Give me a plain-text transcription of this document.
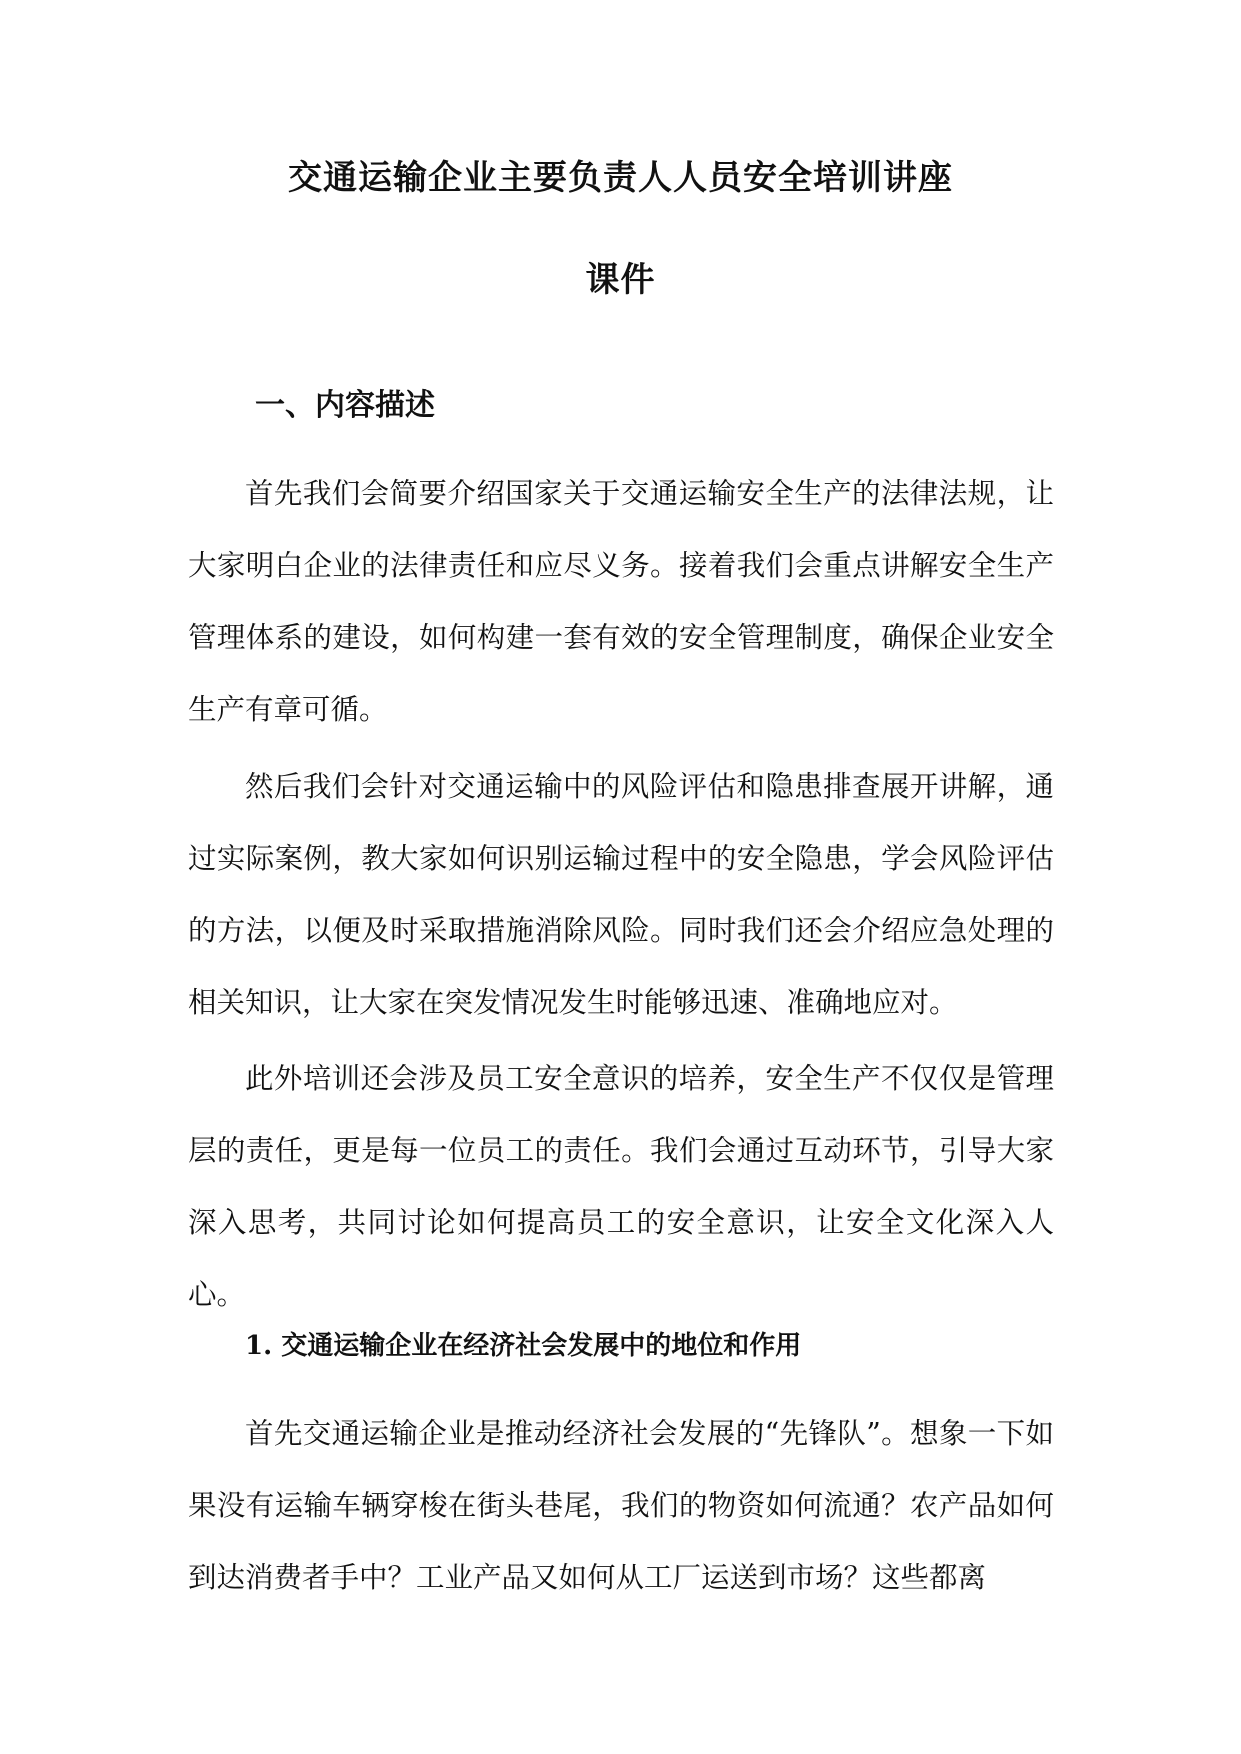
交通运输企业主要负责人人员安全培训讲座
课件
一、内容描述

首先我们会简要介绍国家关于交通运输安全生产的法律法规，让大家明白企业的法律责任和应尽义务。接着我们会重点讲解安全生产管理体系的建设，如何构建一套有效的安全管理制度，确保企业安全生产有章可循。

然后我们会针对交通运输中的风险评估和隐患排查展开讲解，通过实际案例，教大家如何识别运输过程中的安全隐患，学会风险评估的方法，以便及时采取措施消除风险。同时我们还会介绍应急处理的相关知识，让大家在突发情况发生时能够迅速、准确地应对。

此外培训还会涉及员工安全意识的培养，安全生产不仅仅是管理层的责任，更是每一位员工的责任。我们会通过互动环节，引导大家深入思考，共同讨论如何提高员工的安全意识，让安全文化深入人心。

1. 交通运输企业在经济社会发展中的地位和作用

首先交通运输企业是推动经济社会发展的“先锋队”。想象一下如果没有运输车辆穿梭在街头巷尾，我们的物资如何流通？农产品如何到达消费者手中？工业产品又如何从工厂运送到市场？这些都离
